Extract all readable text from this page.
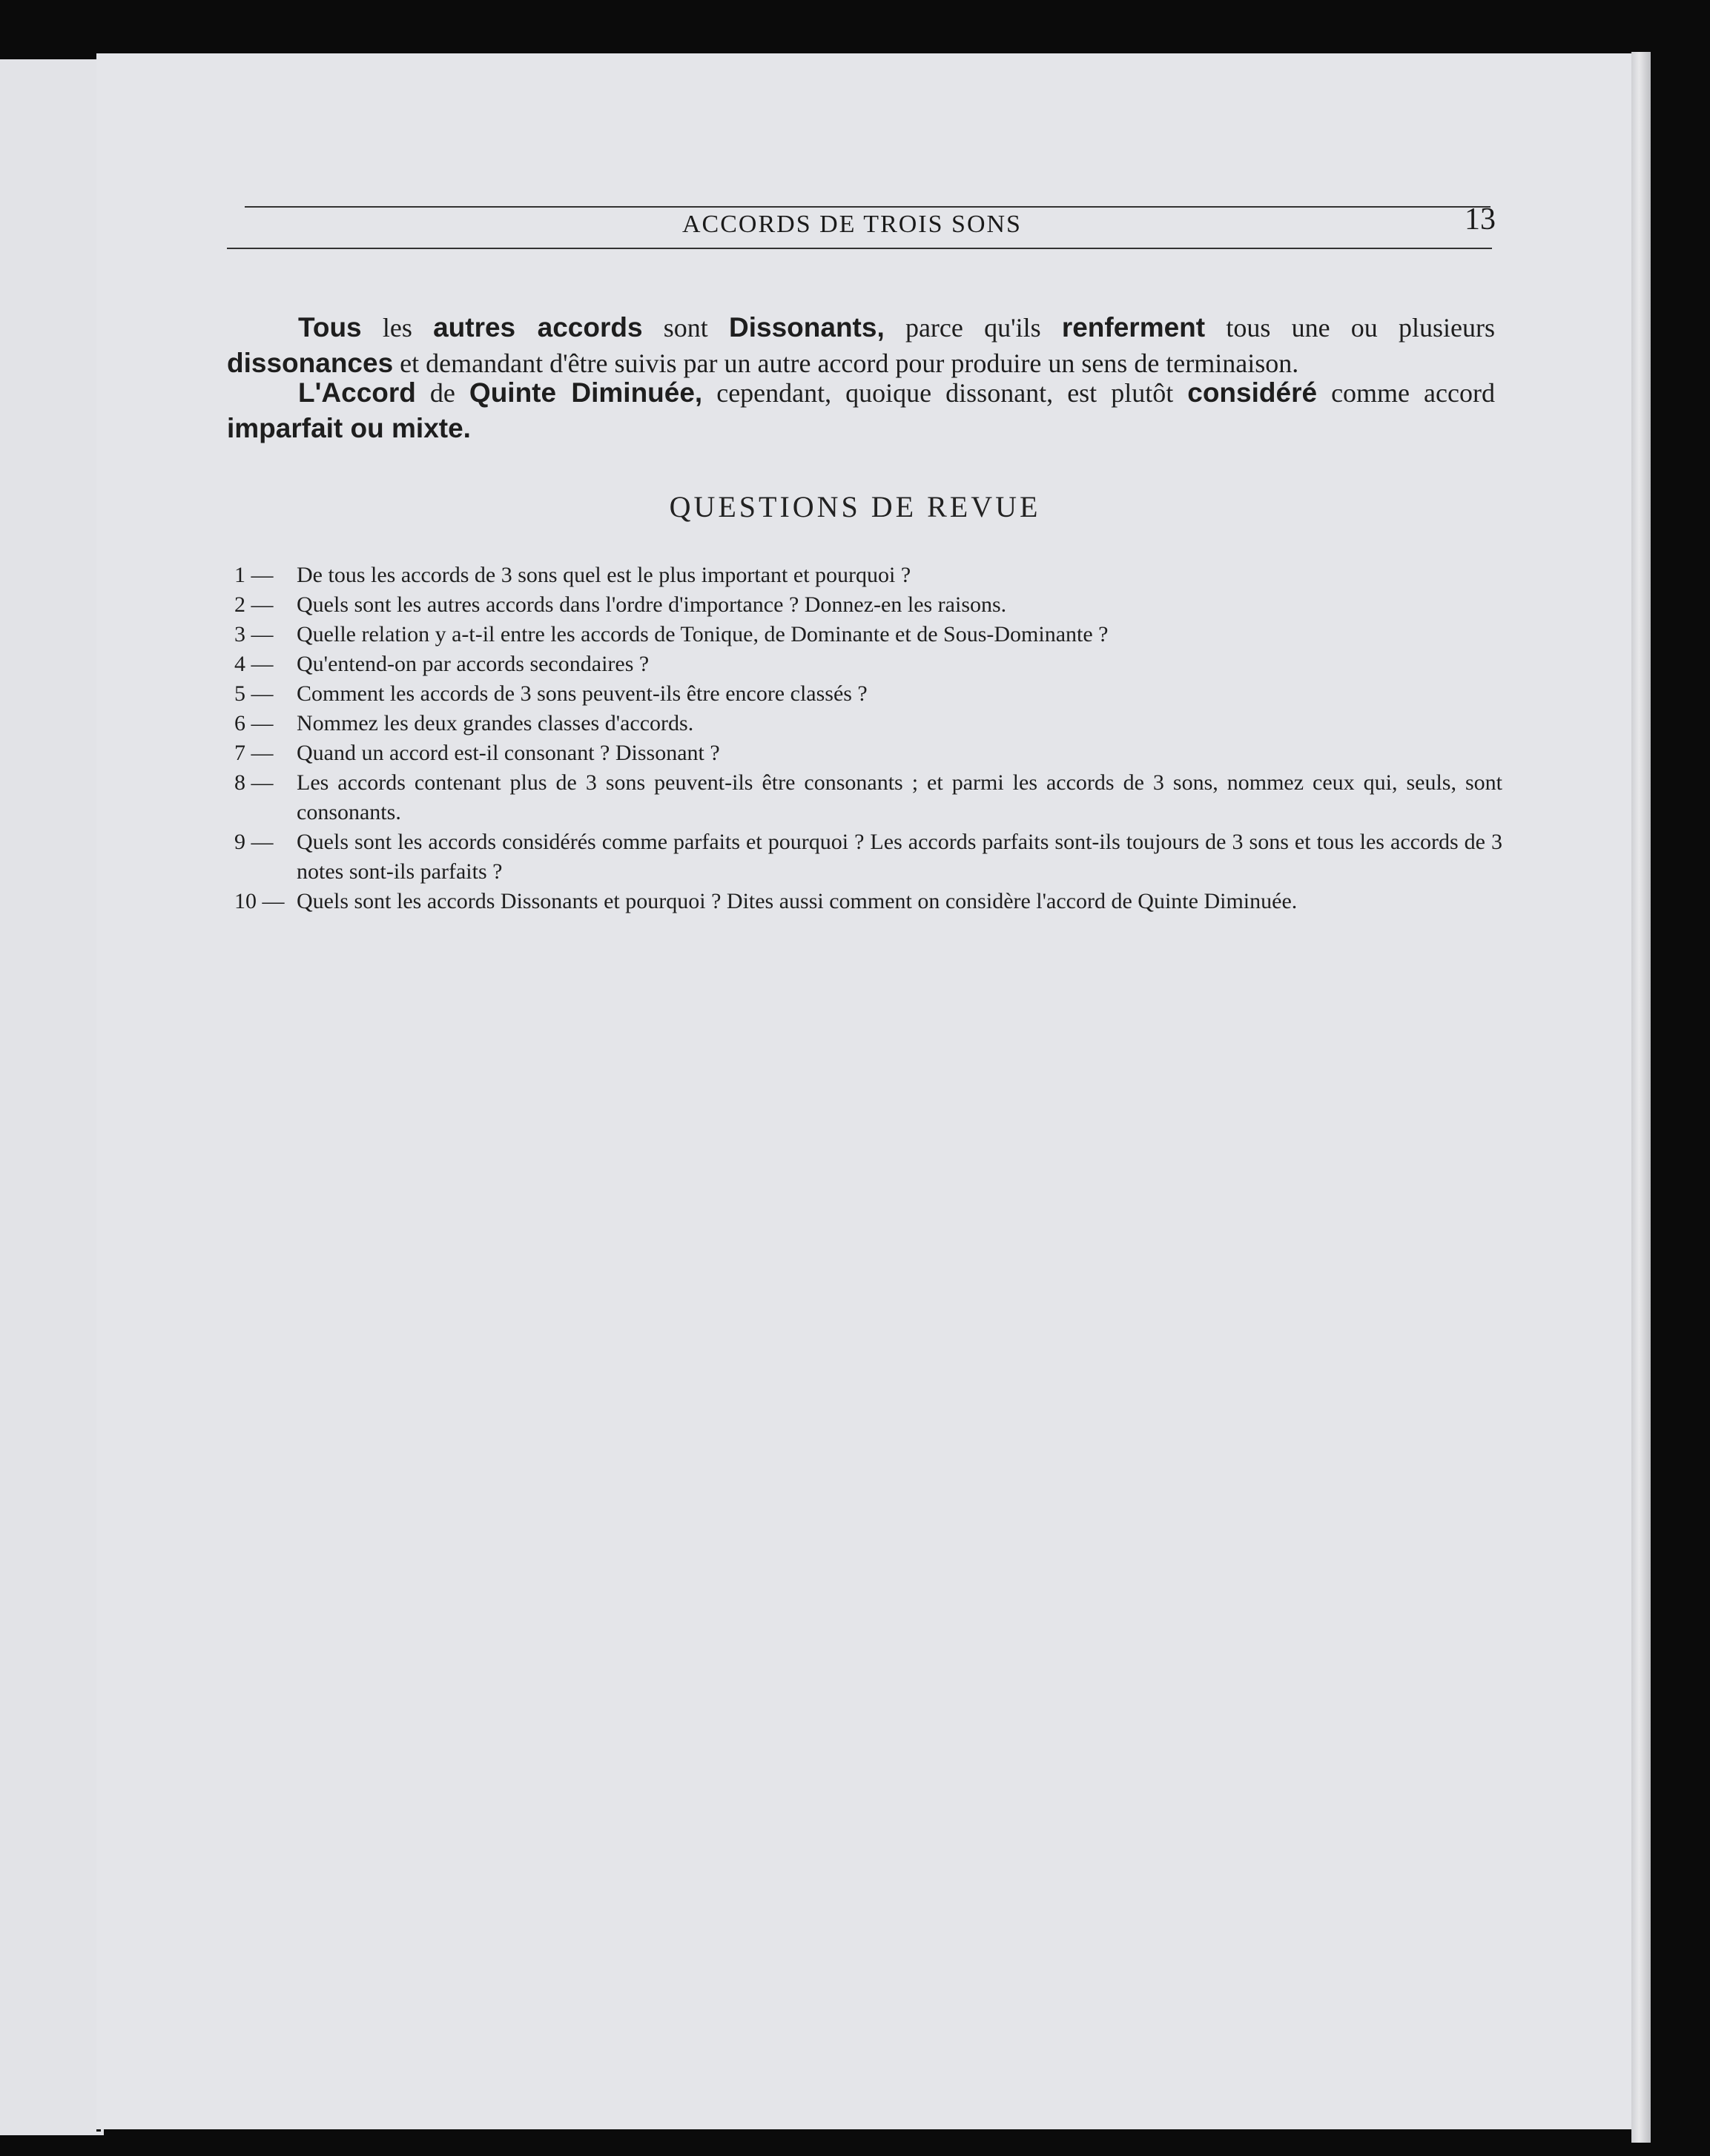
ACCORDS DE TROIS SONS	13
Tous les autres accords sont Dissonants, parce qu'ils renferment tous une ou plusieurs dissonances et demandant d'être suivis par un autre accord pour produire un sens de terminaison.
L'Accord de Quinte Diminuée, cependant, quoique dissonant, est plutôt considéré comme accord imparfait ou mixte.
QUESTIONS DE REVUE
1 —	De tous les accords de 3 sons quel est le plus important et pourquoi ?
2 —	Quels sont les autres accords dans l'ordre d'importance ? Donnez-en les raisons.
3 —	Quelle relation y a-t-il entre les accords de Tonique, de Dominante et de Sous-Dominante ?
4 —	Qu'entend-on par accords secondaires ?
5 —	Comment les accords de 3 sons peuvent-ils être encore classés ?
6 —	Nommez les deux grandes classes d'accords.
7 —	Quand un accord est-il consonant ? Dissonant ?
8 —	Les accords contenant plus de 3 sons peuvent-ils être consonants ; et parmi les accords de 3 sons, nommez ceux qui, seuls, sont consonants.
9 —	Quels sont les accords considérés comme parfaits et pourquoi ? Les accords parfaits sont-ils toujours de 3 sons et tous les accords de 3 notes sont-ils parfaits ?
10 — Quels sont les accords Dissonants et pourquoi ? Dites aussi comment on considère l'accord de Quinte Diminuée.
